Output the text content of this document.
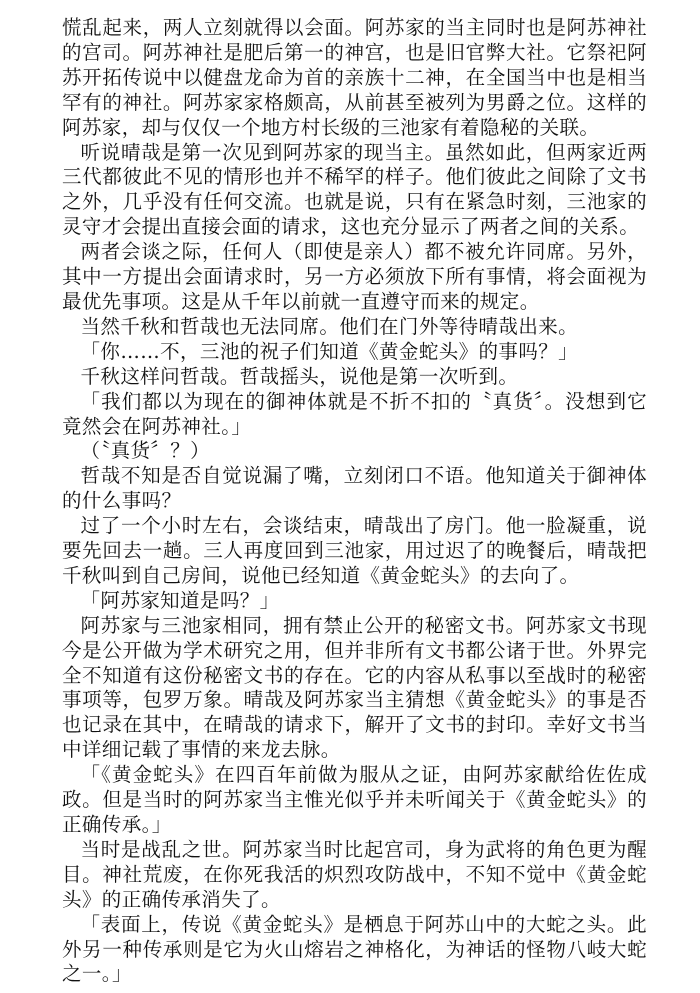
慌乱起来，两人立刻就得以会面。阿苏家的当主同时也是阿苏神社的宫司。阿苏神社是肥后第一的神宫，也是旧官弊大社。它祭祀阿苏开拓传说中以健盘龙命为首的亲族十二神，在全国当中也是相当罕有的神社。阿苏家家格颇高，从前甚至被列为男爵之位。这样的阿苏家，却与仅仅一个地方村长级的三池家有着隐秘的关联。

听说晴哉是第一次见到阿苏家的现当主。虽然如此，但两家近两三代都彼此不见的情形也并不稀罕的样子。他们彼此之间除了文书之外，几乎没有任何交流。也就是说，只有在紧急时刻，三池家的灵守才会提出直接会面的请求，这也充分显示了两者之间的关系。

两者会谈之际，任何人（即使是亲人）都不被允许同席。另外，其中一方提出会面请求时，另一方必须放下所有事情，将会面视为最优先事项。这是从千年以前就一直遵守而来的规定。

当然千秋和哲哉也无法同席。他们在门外等待晴哉出来。

「你……不，三池的祝子们知道《黄金蛇头》的事吗？」

千秋这样问哲哉。哲哉摇头，说他是第一次听到。

「我们都以为现在的御神体就是不折不扣的〝真货〞。没想到它竟然会在阿苏神社。」

（〝真货〞？）

哲哉不知是否自觉说漏了嘴，立刻闭口不语。他知道关于御神体的什么事吗？

过了一个小时左右，会谈结束，晴哉出了房门。他一脸凝重，说要先回去一趟。三人再度回到三池家，用过迟了的晚餐后，晴哉把千秋叫到自己房间，说他已经知道《黄金蛇头》的去向了。

「阿苏家知道是吗？」

阿苏家与三池家相同，拥有禁止公开的秘密文书。阿苏家文书现今是公开做为学术研究之用，但并非所有文书都公诸于世。外界完全不知道有这份秘密文书的存在。它的内容从私事以至战时的秘密事项等，包罗万象。晴哉及阿苏家当主猜想《黄金蛇头》的事是否也记录在其中，在晴哉的请求下，解开了文书的封印。幸好文书当中详细记载了事情的来龙去脉。

「《黄金蛇头》在四百年前做为服从之证，由阿苏家献给佐佐成政。但是当时的阿苏家当主惟光似乎并未听闻关于《黄金蛇头》的正确传承。」

当时是战乱之世。阿苏家当时比起宫司，身为武将的角色更为醒目。神社荒废，在你死我活的炽烈攻防战中，不知不觉中《黄金蛇头》的正确传承消失了。

「表面上，传说《黄金蛇头》是栖息于阿苏山中的大蛇之头。此外另一种传承则是它为火山熔岩之神格化，为神话的怪物八岐大蛇之一。」
